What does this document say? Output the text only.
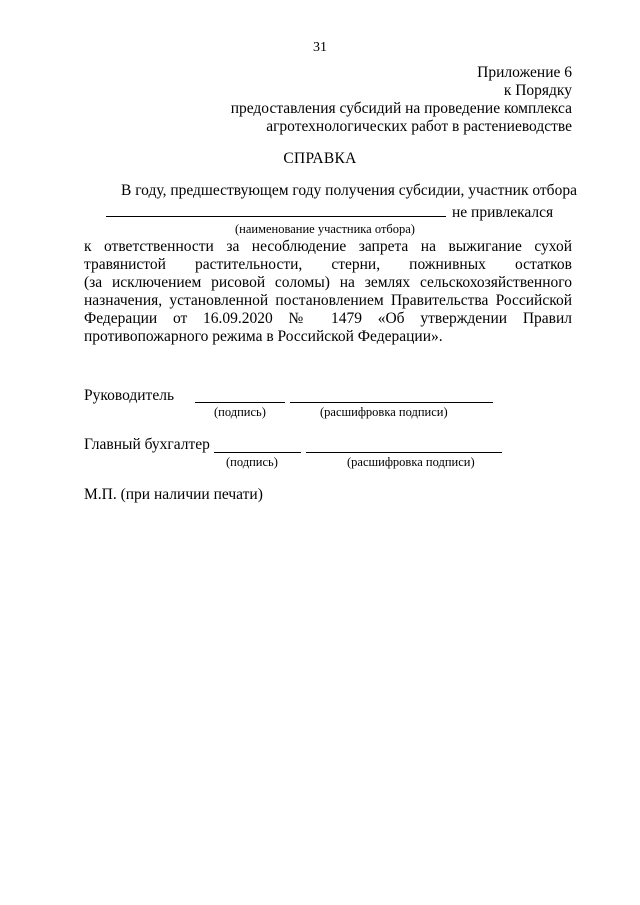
31
Приложение 6
к Порядку
предоставления субсидий на проведение комплекса
агротехнологических работ в растениеводстве
СПРАВКА
В году, предшествующем году получения субсидии, участник отбора
не привлекался
(наименование участника отбора)
к ответственности за несоблюдение запрета на выжигание сухой
травянистой растительности, стерни, пожнивных остатков
(за исключением рисовой соломы) на землях сельскохозяйственного
назначения, установленной постановлением Правительства Российской
Федерации от 16.09.2020 № 1479 «Об утверждении Правил
противопожарного режима в Российской Федерации».
Руководитель
(подпись)	(расшифровка подписи)
Главный бухгалтер
(подпись)	(расшифровка подписи)
М.П. (при наличии печати)
